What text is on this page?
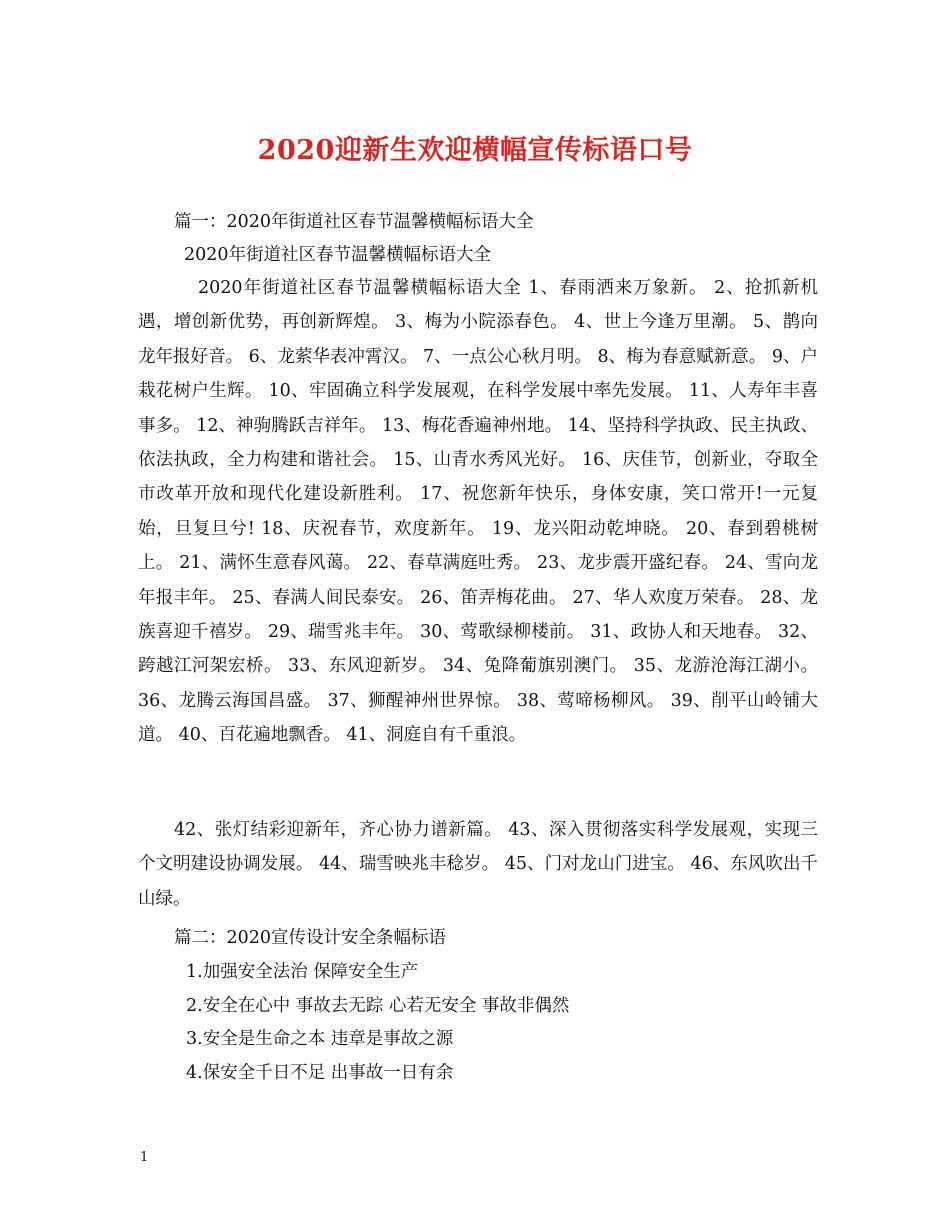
2020迎新生欢迎横幅宣传标语口号
篇一：2020年街道社区春节温馨横幅标语大全
2020年街道社区春节温馨横幅标语大全
2020年街道社区春节温馨横幅标语大全 1、春雨洒来万象新。 2、抢抓新机遇，增创新优势，再创新辉煌。 3、梅为小院添春色。 4、世上今逢万里潮。 5、鹊向龙年报好音。 6、龙萦华表冲霄汉。 7、一点公心秋月明。 8、梅为春意赋新意。 9、户栽花树户生辉。 10、牢固确立科学发展观，在科学发展中率先发展。 11、人寿年丰喜事多。 12、神驹腾跃吉祥年。 13、梅花香遍神州地。 14、坚持科学执政、民主执政、依法执政，全力构建和谐社会。 15、山青水秀风光好。 16、庆佳节，创新业，夺取全市改革开放和现代化建设新胜利。 17、祝您新年快乐，身体安康，笑口常开!一元复始，旦复旦兮! 18、庆祝春节，欢度新年。 19、龙兴阳动乾坤晓。 20、春到碧桃树上。 21、满怀生意春风蔼。 22、春草满庭吐秀。 23、龙步震开盛纪春。 24、雪向龙年报丰年。 25、春满人间民泰安。 26、笛弄梅花曲。 27、华人欢度万荣春。 28、龙族喜迎千禧岁。 29、瑞雪兆丰年。 30、莺歌绿柳楼前。 31、政协人和天地春。 32、跨越江河架宏桥。 33、东风迎新岁。 34、兔降葡旗别澳门。 35、龙游沧海江湖小。 36、龙腾云海国昌盛。 37、狮醒神州世界惊。 38、莺啼杨柳风。 39、削平山岭铺大道。 40、百花遍地飘香。 41、洞庭自有千重浪。
42、张灯结彩迎新年，齐心协力谱新篇。 43、深入贯彻落实科学发展观，实现三个文明建设协调发展。 44、瑞雪映兆丰稔岁。 45、门对龙山门进宝。 46、东风吹出千山绿。
篇二：2020宣传设计安全条幅标语
1.加强安全法治 保障安全生产
2.安全在心中 事故去无踪 心若无安全 事故非偶然
3.安全是生命之本 违章是事故之源
4.保安全千日不足 出事故一日有余
1
